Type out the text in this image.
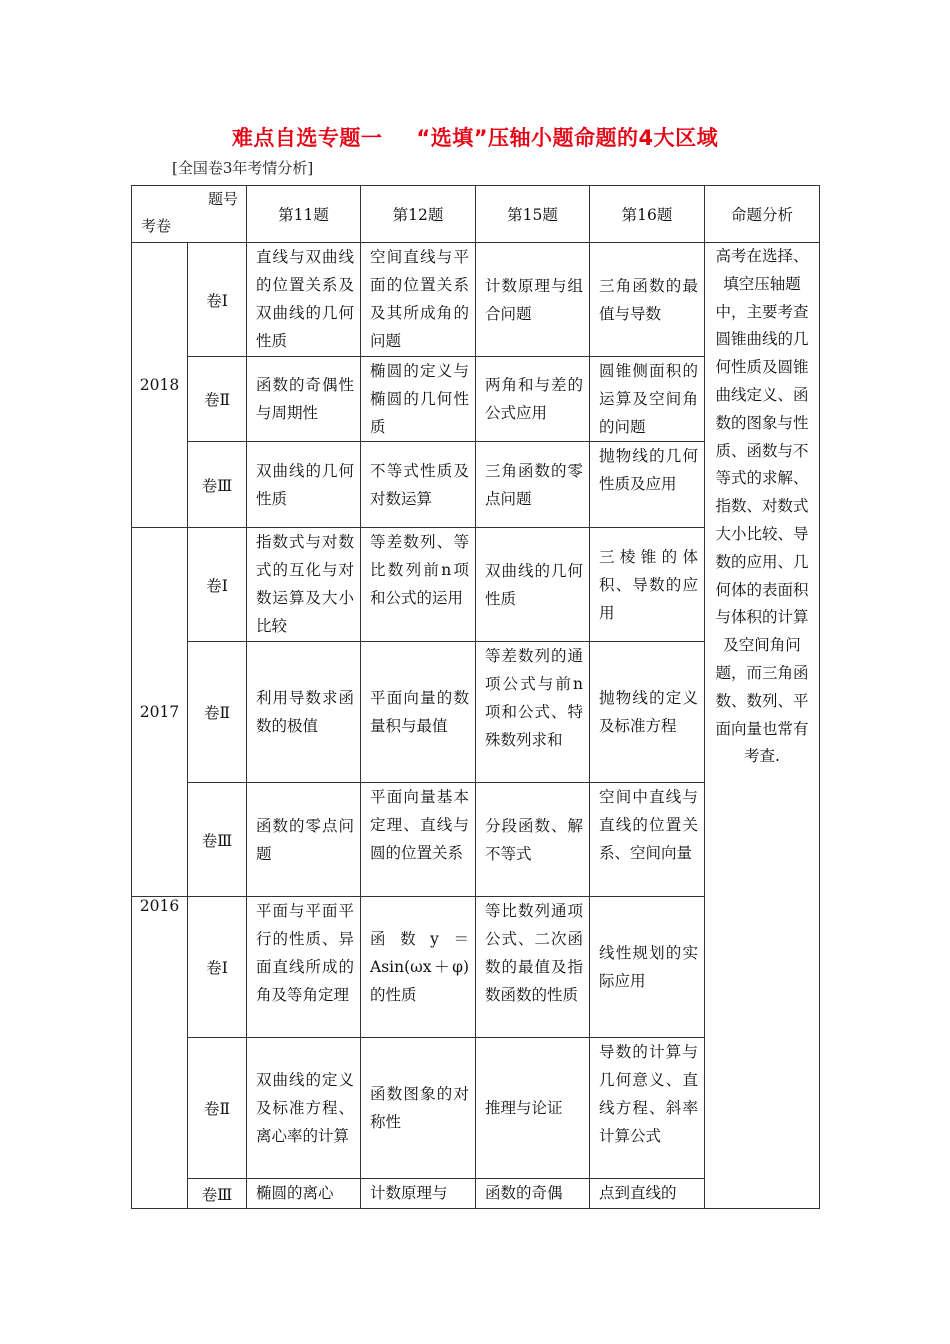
难点自选专题一 “选填”压轴小题命题的4大区域
[全国卷3年考情分析]
题号
考卷		第11题	第12题	第15题	第16题	命题分析
2018	卷Ⅰ	直线与双曲线的位置关系及双曲线的几何性质	空间直线与平面的位置关系及其所成角的问题	计数原理与组合问题	三角函数的最值与导数	高考在选择、填空压轴题中，主要考查圆锥曲线的几何性质及圆锥曲线定义、函数的图象与性质、函数与不等式的求解、指数、对数式大小比较、导数的应用、几何体的表面积与体积的计算及空间角问题，而三角函数、数列、平面向量也常有考查.

	卷Ⅱ	函数的奇偶性与周期性	椭圆的定义与椭圆的几何性质	两角和与差的公式应用	圆锥侧面积的运算及空间角的问题	

	卷Ⅲ	双曲线的几何性质	不等式性质及对数运算	三角函数的零点问题	抛物线的几何性质及应用	

2017	卷Ⅰ	指数式与对数式的互化与对数运算及大小比较	等差数列、等比数列前n项和公式的运用	双曲线的几何性质	三棱锥的体积、导数的应用	

	卷Ⅱ	利用导数求函数的极值	平面向量的数量积与最值	等差数列的通项公式与前n项和公式、特殊数列求和	抛物线的定义及标准方程	

	卷Ⅲ	函数的零点问题	平面向量基本定理、直线与圆的位置关系	分段函数、解不等式	空间中直线与直线的位置关系、空间向量	

2016	卷Ⅰ	平面与平面平行的性质、异面直线所成的角及等角定理	函数y＝Asin(ωx＋φ)的性质	等比数列通项公式、二次函数的最值及指数函数的性质	线性规划的实际应用	

	卷Ⅱ	双曲线的定义及标准方程、离心率的计算	函数图象的对称性	推理与论证	导数的计算与几何意义、直线方程、斜率计算公式	

	卷Ⅲ	椭圆的离心	计数原理与	函数的奇偶	点到直线的	
